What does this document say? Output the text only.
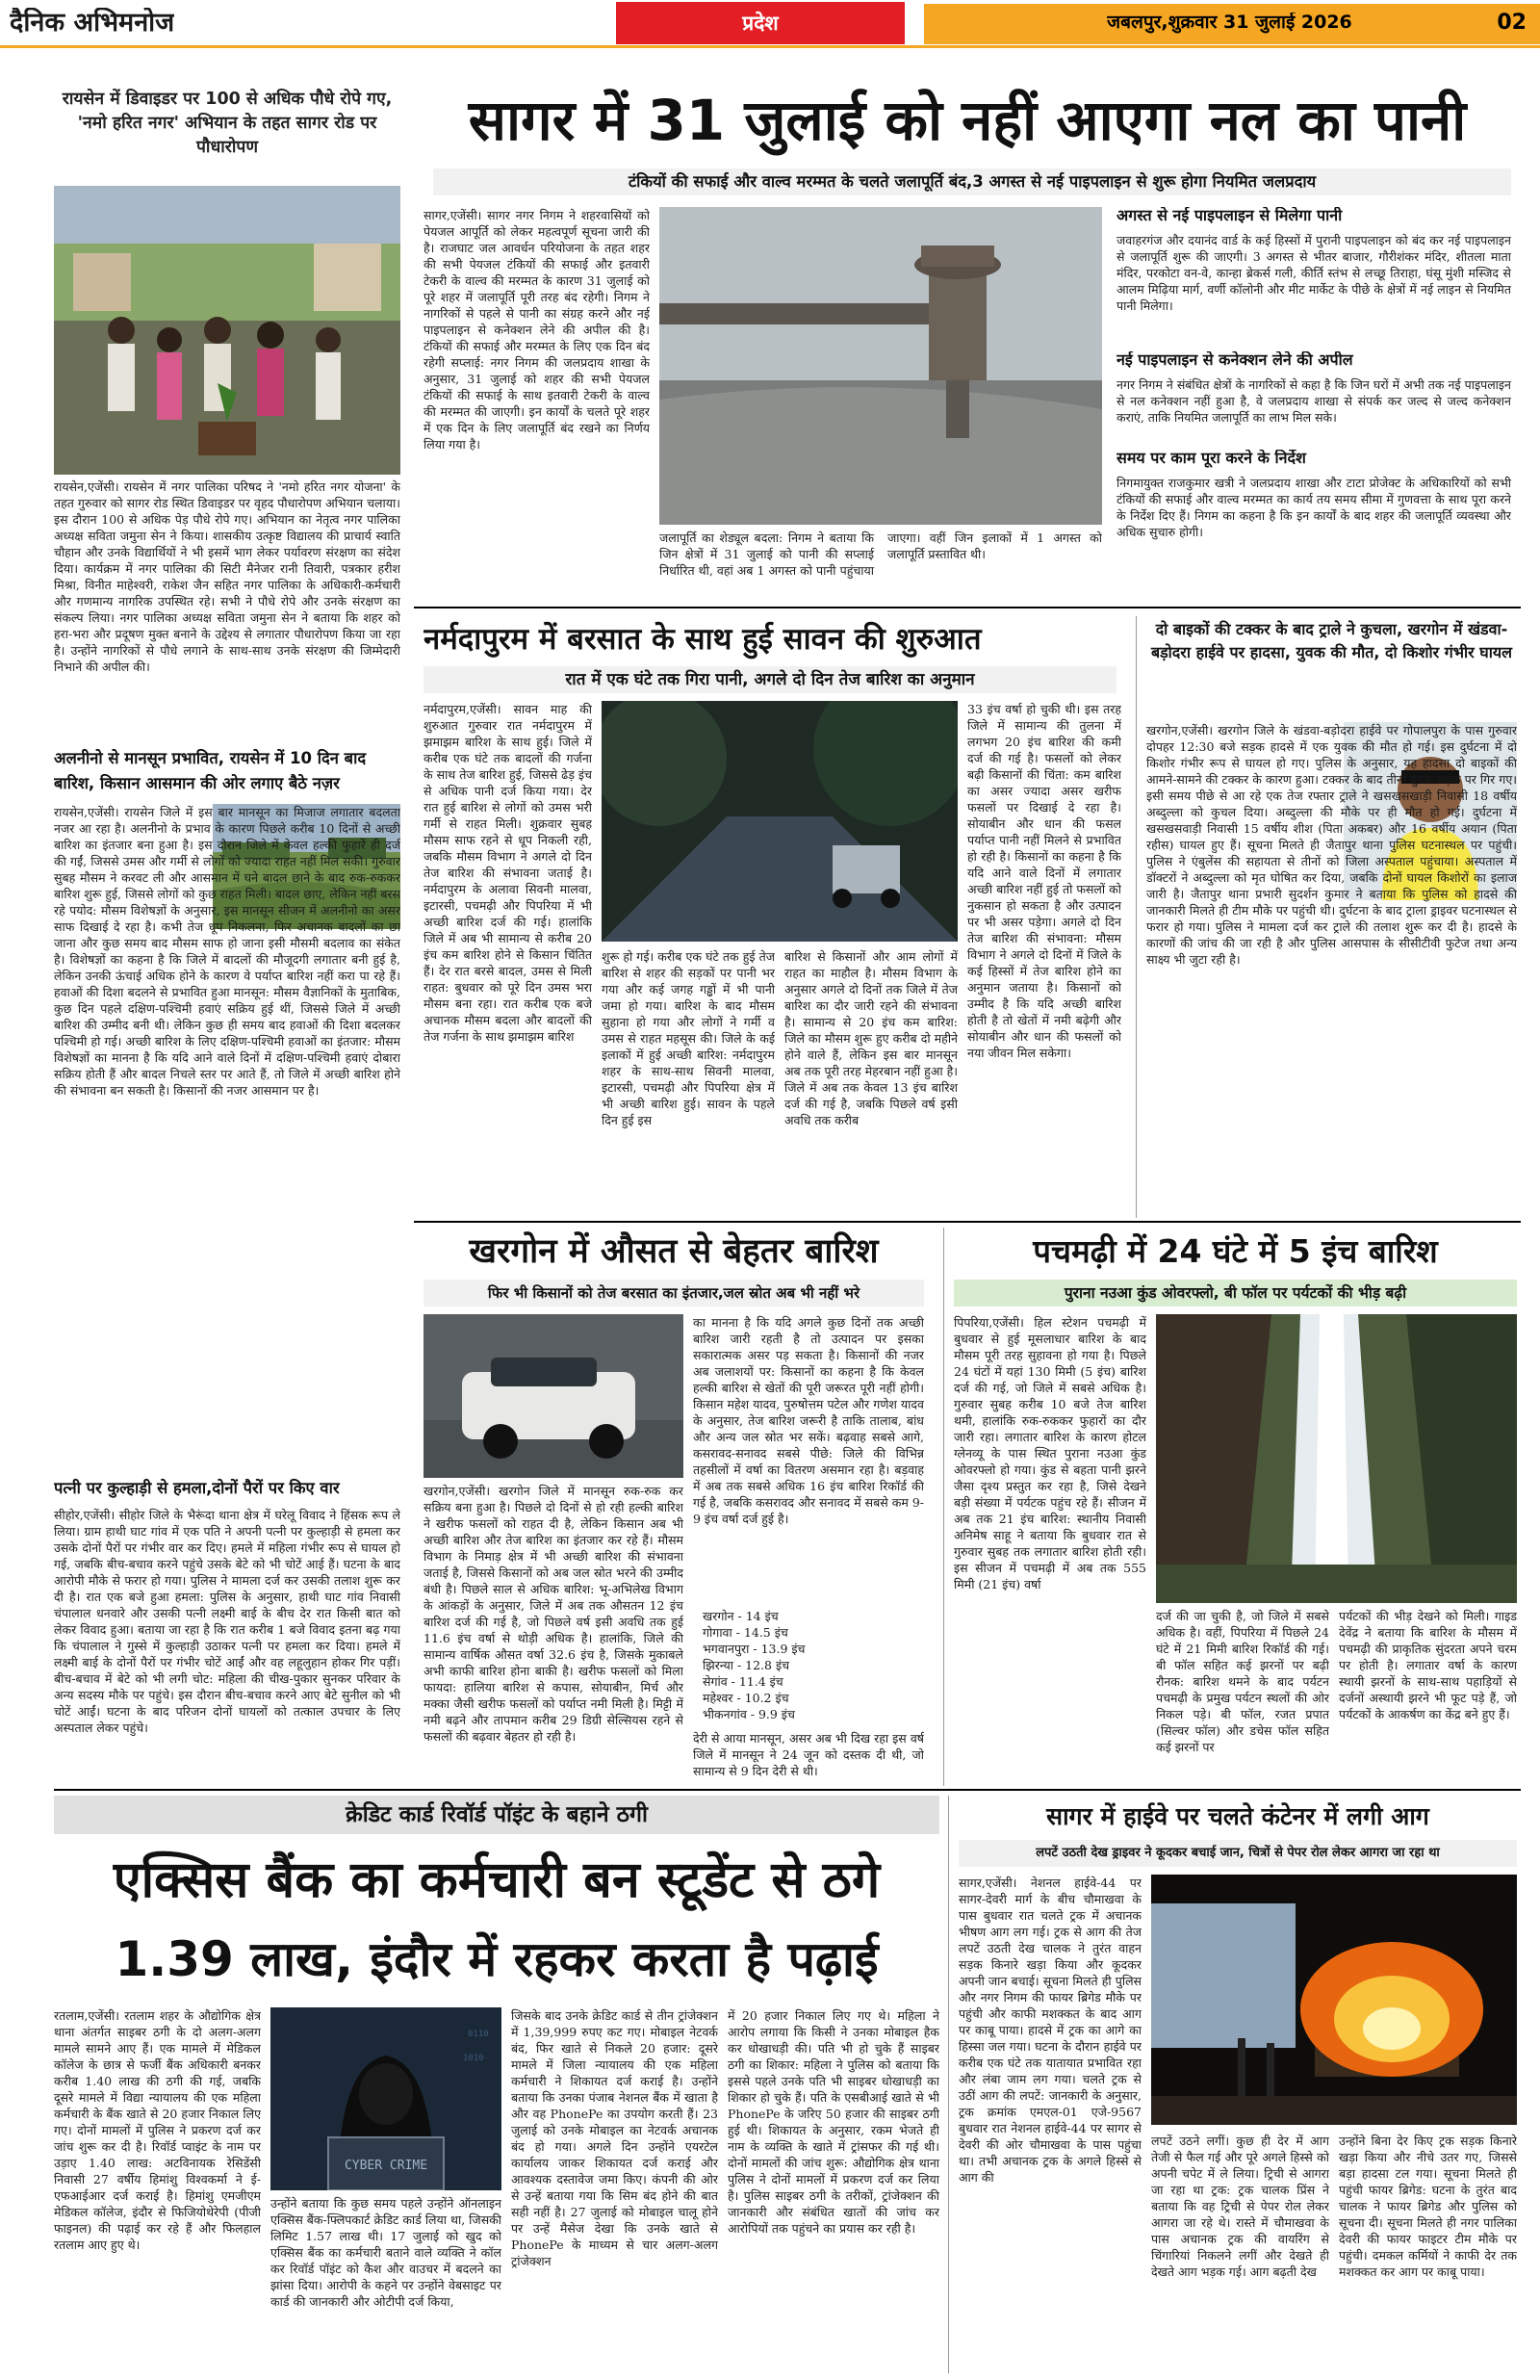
दैनिक अभिमनोज	प्रदेश	जबलपुर,शुक्रवार 31 जुलाई 2026	02
रायसेन में डिवाइडर पर 100 से अधिक पौधे रोपे गए, 'नमो हरित नगर' अभियान के तहत सागर रोड पर पौधारोपण
रायसेन,एजेंसी। रायसेन में नगर पालिका परिषद ने 'नमो हरित नगर योजना' के तहत गुरुवार को सागर रोड स्थित डिवाइडर पर वृहद पौधारोपण अभियान चलाया। इस दौरान 100 से अधिक पेड़ पौधे रोपे गए। अभियान का नेतृत्व नगर पालिका अध्यक्ष सविता जमुना सेन ने किया। शासकीय उत्कृष्ट विद्यालय की प्राचार्य स्वाति चौहान और उनके विद्यार्थियों ने भी इसमें भाग लेकर पर्यावरण संरक्षण का संदेश दिया। कार्यक्रम में नगर पालिका की सिटी मैनेजर रानी तिवारी, पत्रकार हरीश मिश्रा, विनीत माहेश्वरी, राकेश जैन सहित नगर पालिका के अधिकारी-कर्मचारी और गणमान्य नागरिक उपस्थित रहे। सभी ने पौधे रोपे और उनके संरक्षण का संकल्प लिया। नगर पालिका अध्यक्ष सविता जमुना सेन ने बताया कि शहर को हरा-भरा और प्रदूषण मुक्त बनाने के उद्देश्य से लगातार पौधारोपण किया जा रहा है। उन्होंने नागरिकों से पौधे लगाने के साथ-साथ उनके संरक्षण की जिम्मेदारी निभाने की अपील की।
अलनीनो से मानसून प्रभावित, रायसेन में 10 दिन बाद बारिश, किसान आसमान की ओर लगाए बैठे नज़र
रायसेन,एजेंसी। रायसेन जिले में इस बार मानसून का मिजाज लगातार बदलता नजर आ रहा है। अलनीनो के प्रभाव के कारण पिछले करीब 10 दिनों से अच्छी बारिश का इंतजार बना हुआ है। इस दौरान जिले में केवल हल्की फुहारें ही दर्ज की गईं, जिससे उमस और गर्मी से लोगों को ज्यादा राहत नहीं मिल सकी। गुरुवार सुबह मौसम ने करवट ली और आसमान में घने बादल छाने के बाद रुक-रुककर बारिश शुरू हुई, जिससे लोगों को कुछ राहत मिली। बादल छाए, लेकिन नहीं बरस रहे पयोद: मौसम विशेषज्ञों के अनुसार, इस मानसून सीजन में अलनीनो का असर साफ दिखाई दे रहा है। कभी तेज धूप निकलना, फिर अचानक बादलों का छा जाना और कुछ समय बाद मौसम साफ हो जाना इसी मौसमी बदलाव का संकेत है। विशेषज्ञों का कहना है कि जिले में बादलों की मौजूदगी लगातार बनी हुई है, लेकिन उनकी ऊंचाई अधिक होने के कारण वे पर्याप्त बारिश नहीं करा पा रहे हैं। हवाओं की दिशा बदलने से प्रभावित हुआ मानसून: मौसम वैज्ञानिकों के मुताबिक, कुछ दिन पहले दक्षिण-पश्चिमी हवाएं सक्रिय हुई थीं, जिससे जिले में अच्छी बारिश की उम्मीद बनी थी। लेकिन कुछ ही समय बाद हवाओं की दिशा बदलकर पश्चिमी हो गई। अच्छी बारिश के लिए दक्षिण-पश्चिमी हवाओं का इंतजार: मौसम विशेषज्ञों का मानना है कि यदि आने वाले दिनों में दक्षिण-पश्चिमी हवाएं दोबारा सक्रिय होती हैं और बादल निचले स्तर पर आते हैं, तो जिले में अच्छी बारिश होने की संभावना बन सकती है। किसानों की नजर आसमान पर है।
पत्नी पर कुल्हाड़ी से हमला,दोनों पैरों पर किए वार
सीहोर,एजेंसी। सीहोर जिले के भैरूंदा थाना क्षेत्र में घरेलू विवाद ने हिंसक रूप ले लिया। ग्राम हाथी घाट गांव में एक पति ने अपनी पत्नी पर कुल्हाड़ी से हमला कर उसके दोनों पैरों पर गंभीर वार कर दिए। हमले में महिला गंभीर रूप से घायल हो गई, जबकि बीच-बचाव करने पहुंचे उसके बेटे को भी चोटें आई हैं। घटना के बाद आरोपी मौके से फरार हो गया। पुलिस ने मामला दर्ज कर उसकी तलाश शुरू कर दी है। रात एक बजे हुआ हमला: पुलिस के अनुसार, हाथी घाट गांव निवासी चंपालाल धनवारे और उसकी पत्नी लक्ष्मी बाई के बीच देर रात किसी बात को लेकर विवाद हुआ। बताया जा रहा है कि रात करीब 1 बजे विवाद इतना बढ़ गया कि चंपालाल ने गुस्से में कुल्हाड़ी उठाकर पत्नी पर हमला कर दिया। हमले में लक्ष्मी बाई के दोनों पैरों पर गंभीर चोटें आईं और वह लहूलुहान होकर गिर पड़ीं। बीच-बचाव में बेटे को भी लगी चोट: महिला की चीख-पुकार सुनकर परिवार के अन्य सदस्य मौके पर पहुंचे। इस दौरान बीच-बचाव करने आए बेटे सुनील को भी चोटें आईं। घटना के बाद परिजन दोनों घायलों को तत्काल उपचार के लिए अस्पताल लेकर पहुंचे।
सागर में 31 जुलाई को नहीं आएगा नल का पानी
टंकियों की सफाई और वाल्व मरम्मत के चलते जलापूर्ति बंद,3 अगस्त से नई पाइपलाइन से शुरू होगा नियमित जलप्रदाय
सागर,एजेंसी। सागर नगर निगम ने शहरवासियों को पेयजल आपूर्ति को लेकर महत्वपूर्ण सूचना जारी की है। राजघाट जल आवर्धन परियोजना के तहत शहर की सभी पेयजल टंकियों की सफाई और इतवारी टेकरी के वाल्व की मरम्मत के कारण 31 जुलाई को पूरे शहर में जलापूर्ति पूरी तरह बंद रहेगी। निगम ने नागरिकों से पहले से पानी का संग्रह करने और नई पाइपलाइन से कनेक्शन लेने की अपील की है। टंकियों की सफाई और मरम्मत के लिए एक दिन बंद रहेगी सप्लाई: नगर निगम की जलप्रदाय शाखा के अनुसार, 31 जुलाई को शहर की सभी पेयजल टंकियों की सफाई के साथ इतवारी टेकरी के वाल्व की मरम्मत की जाएगी। इन कार्यों के चलते पूरे शहर में एक दिन के लिए जलापूर्ति बंद रखने का निर्णय लिया गया है।
जलापूर्ति का शेड्यूल बदला: निगम ने बताया कि जिन क्षेत्रों में 31 जुलाई को पानी की सप्लाई निर्धारित थी, वहां अब 1 अगस्त को पानी पहुंचाया जाएगा। वहीं जिन इलाकों में 1 अगस्त को जलापूर्ति प्रस्तावित थी।
अगस्त से नई पाइपलाइन से मिलेगा पानी
जवाहरगंज और दयानंद वार्ड के कई हिस्सों में पुरानी पाइपलाइन को बंद कर नई पाइपलाइन से जलापूर्ति शुरू की जाएगी। 3 अगस्त से भीतर बाजार, गौरीशंकर मंदिर, शीतला माता मंदिर, परकोटा वन-वे, कान्हा ब्रेकर्स गली, कीर्ति स्तंभ से लच्छू तिराहा, घंसू मुंशी मस्जिद से आलम मिढ़िया मार्ग, वर्णी कॉलोनी और मीट मार्केट के पीछे के क्षेत्रों में नई लाइन से नियमित पानी मिलेगा।
नई पाइपलाइन से कनेक्शन लेने की अपील
नगर निगम ने संबंधित क्षेत्रों के नागरिकों से कहा है कि जिन घरों में अभी तक नई पाइपलाइन से नल कनेक्शन नहीं हुआ है, वे जलप्रदाय शाखा से संपर्क कर जल्द से जल्द कनेक्शन कराएं, ताकि नियमित जलापूर्ति का लाभ मिल सके।
समय पर काम पूरा करने के निर्देश
निगमायुक्त राजकुमार खत्री ने जलप्रदाय शाखा और टाटा प्रोजेक्ट के अधिकारियों को सभी टंकियों की सफाई और वाल्व मरम्मत का कार्य तय समय सीमा में गुणवत्ता के साथ पूरा करने के निर्देश दिए हैं। निगम का कहना है कि इन कार्यों के बाद शहर की जलापूर्ति व्यवस्था और अधिक सुचारु होगी।
नर्मदापुरम में बरसात के साथ हुई सावन की शुरुआत
रात में एक घंटे तक गिरा पानी, अगले दो दिन तेज बारिश का अनुमान
नर्मदापुरम,एजेंसी। सावन माह की शुरुआत गुरुवार रात नर्मदापुरम में झमाझम बारिश के साथ हुई। जिले में करीब एक घंटे तक बादलों की गर्जना के साथ तेज बारिश हुई, जिससे ढेड़ इंच से अधिक पानी दर्ज किया गया। देर रात हुई बारिश से लोगों को उमस भरी गर्मी से राहत मिली। शुक्रवार सुबह मौसम साफ रहने से धूप निकली रही, जबकि मौसम विभाग ने अगले दो दिन तेज बारिश की संभावना जताई है। नर्मदापुरम के अलावा सिवनी मालवा, इटारसी, पचमढ़ी और पिपरिया में भी अच्छी बारिश दर्ज की गई। हालांकि जिले में अब भी सामान्य से करीब 20 इंच कम बारिश होने से किसान चिंतित हैं। देर रात बरसे बादल, उमस से मिली राहत: बुधवार को पूरे दिन उमस भरा मौसम बना रहा। रात करीब एक बजे अचानक मौसम बदला और बादलों की तेज गर्जना के साथ झमाझम बारिश
शुरू हो गई। करीब एक घंटे तक हुई तेज बारिश से शहर की सड़कों पर पानी भर गया और कई जगह गड्ढों में भी पानी जमा हो गया। बारिश के बाद मौसम सुहाना हो गया और लोगों ने गर्मी व उमस से राहत महसूस की। जिले के कई इलाकों में हुई अच्छी बारिश: नर्मदापुरम शहर के साथ-साथ सिवनी मालवा, इटारसी, पचमढ़ी और पिपरिया क्षेत्र में भी अच्छी बारिश हुई। सावन के पहले दिन हुई इस
बारिश से किसानों और आम लोगों में राहत का माहौल है। मौसम विभाग के अनुसार अगले दो दिनों तक जिले में तेज बारिश का दौर जारी रहने की संभावना है। सामान्य से 20 इंच कम बारिश: जिले का मौसम शुरू हुए करीब दो महीने होने वाले हैं, लेकिन इस बार मानसून अब तक पूरी तरह मेहरबान नहीं हुआ है। जिले में अब तक केवल 13 इंच बारिश दर्ज की गई है, जबकि पिछले वर्ष इसी अवधि तक करीब
33 इंच वर्षा हो चुकी थी। इस तरह जिले में सामान्य की तुलना में लगभग 20 इंच बारिश की कमी दर्ज की गई है। फसलों को लेकर बढ़ी किसानों की चिंता: कम बारिश का असर ज्यादा असर खरीफ फसलों पर दिखाई दे रहा है। सोयाबीन और धान की फसल पर्याप्त पानी नहीं मिलने से प्रभावित हो रही है। किसानों का कहना है कि यदि आने वाले दिनों में लगातार अच्छी बारिश नहीं हुई तो फसलों को नुकसान हो सकता है और उत्पादन पर भी असर पड़ेगा। अगले दो दिन तेज बारिश की संभावना: मौसम विभाग ने अगले दो दिनों में जिले के कई हिस्सों में तेज बारिश होने का अनुमान जताया है। किसानों को उम्मीद है कि यदि अच्छी बारिश होती है तो खेतों में नमी बढ़ेगी और सोयाबीन और धान की फसलों को नया जीवन मिल सकेगा।
दो बाइकों की टक्कर के बाद ट्राले ने कुचला, खरगोन में खंडवा-बड़ोदरा हाईवे पर हादसा, युवक की मौत, दो किशोर गंभीर घायल
खरगोन,एजेंसी। खरगोन जिले के खंडवा-बड़ोदरा हाईवे पर गोपालपुरा के पास गुरुवार दोपहर 12:30 बजे सड़क हादसे में एक युवक की मौत हो गई। इस दुर्घटना में दो किशोर गंभीर रूप से घायल हो गए। पुलिस के अनुसार, यह हादसा दो बाइकों की आमने-सामने की टक्कर के कारण हुआ। टक्कर के बाद तीनों युवक सड़क पर गिर गए। इसी समय पीछे से आ रहे एक तेज रफ्तार ट्राले ने खसखसखाड़ी निवासी 18 वर्षीय अब्दुल्ला को कुचल दिया। अब्दुल्ला की मौके पर ही मौत हो गई। दुर्घटना में खसखसवाड़ी निवासी 15 वर्षीय शीश (पिता अकबर) और 16 वर्षीय अयान (पिता रहीस) घायल हुए हैं। सूचना मिलते ही जैतापुर थाना पुलिस घटनास्थल पर पहुंची। पुलिस ने एंबुलेंस की सहायता से तीनों को जिला अस्पताल पहुंचाया। अस्पताल में डॉक्टरों ने अब्दुल्ला को मृत घोषित कर दिया, जबकि दोनों घायल किशोरों का इलाज जारी है। जैतापुर थाना प्रभारी सुदर्शन कुमार ने बताया कि पुलिस को हादसे की जानकारी मिलते ही टीम मौके पर पहुंची थी। दुर्घटना के बाद ट्राला ड्राइवर घटनास्थल से फरार हो गया। पुलिस ने मामला दर्ज कर ट्राले की तलाश शुरू कर दी है। हादसे के कारणों की जांच की जा रही है और पुलिस आसपास के सीसीटीवी फुटेज तथा अन्य साक्ष्य भी जुटा रही है।
खरगोन में औसत से बेहतर बारिश
फिर भी किसानों को तेज बरसात का इंतजार,जल स्रोत अब भी नहीं भरे
खरगोन,एजेंसी। खरगोन जिले में मानसून रुक-रुक कर सक्रिय बना हुआ है। पिछले दो दिनों से हो रही हल्की बारिश ने खरीफ फसलों को राहत दी है, लेकिन किसान अब भी अच्छी बारिश और तेज बारिश का इंतजार कर रहे हैं। मौसम विभाग के निमाड़ क्षेत्र में भी अच्छी बारिश की संभावना जताई है, जिससे किसानों को अब जल स्रोत भरने की उम्मीद बंधी है। पिछले साल से अधिक बारिश: भू-अभिलेख विभाग के आंकड़ों के अनुसार, जिले में अब तक औसतन 12 इंच बारिश दर्ज की गई है, जो पिछले वर्ष इसी अवधि तक हुई 11.6 इंच वर्षा से थोड़ी अधिक है। हालांकि, जिले की सामान्य वार्षिक औसत वर्षा 32.6 इंच है, जिसके मुकाबले अभी काफी बारिश होना बाकी है। खरीफ फसलों को मिला फायदा: हालिया बारिश से कपास, सोयाबीन, मिर्च और मक्का जैसी खरीफ फसलों को पर्याप्त नमी मिली है। मिट्टी में नमी बढ़ने और तापमान करीब 29 डिग्री सेल्सियस रहने से फसलों की बढ़वार बेहतर हो रही है।
का मानना है कि यदि अगले कुछ दिनों तक अच्छी बारिश जारी रहती है तो उत्पादन पर इसका सकारात्मक असर पड़ सकता है। किसानों की नजर अब जलाशयों पर: किसानों का कहना है कि केवल हल्की बारिश से खेतों की पूरी जरूरत पूरी नहीं होगी। किसान महेश यादव, पुरुषोत्तम पटेल और गणेश यादव के अनुसार, तेज बारिश जरूरी है ताकि तालाब, बांध और अन्य जल स्रोत भर सकें। बढ़वाह सबसे आगे, कसरावद-सनावद सबसे पीछे: जिले की विभिन्न तहसीलों में वर्षा का वितरण असमान रहा है। बड़वाह में अब तक सबसे अधिक 16 इंच बारिश रिकॉर्ड की गई है, जबकि कसरावद और सनावद में सबसे कम 9-9 इंच वर्षा दर्ज हुई है।
खरगोन - 14 इंच
गोगावा - 14.5 इंच
भगवानपुरा - 13.9 इंच
झिरन्या - 12.8 इंच
सेगांव - 11.4 इंच
महेश्वर - 10.2 इंच
भीकनगांव - 9.9 इंच
देरी से आया मानसून, असर अब भी दिख रहा इस वर्ष जिले में मानसून ने 24 जून को दस्तक दी थी, जो सामान्य से 9 दिन देरी से थी।
पचमढ़ी में 24 घंटे में 5 इंच बारिश
पुराना नउआ कुंड ओवरफ्लो, बी फॉल पर पर्यटकों की भीड़ बढ़ी
पिपरिया,एजेंसी। हिल स्टेशन पचमढ़ी में बुधवार से हुई मूसलाधार बारिश के बाद मौसम पूरी तरह सुहावना हो गया है। पिछले 24 घंटों में यहां 130 मिमी (5 इंच) बारिश दर्ज की गई, जो जिले में सबसे अधिक है। गुरुवार सुबह करीब 10 बजे तेज बारिश थमी, हालांकि रुक-रुककर फुहारों का दौर जारी रहा। लगातार बारिश के कारण होटल ग्लेनव्यू के पास स्थित पुराना नउआ कुंड ओवरफ्लो हो गया। कुंड से बहता पानी झरने जैसा दृश्य प्रस्तुत कर रहा है, जिसे देखने बड़ी संख्या में पर्यटक पहुंच रहे हैं। सीजन में अब तक 21 इंच बारिश: स्थानीय निवासी अनिमेष साहू ने बताया कि बुधवार रात से गुरुवार सुबह तक लगातार बारिश होती रही। इस सीजन में पचमढ़ी में अब तक 555 मिमी (21 इंच) वर्षा
दर्ज की जा चुकी है, जो जिले में सबसे अधिक है। वहीं, पिपरिया में पिछले 24 घंटे में 21 मिमी बारिश रिकॉर्ड की गई। बी फॉल सहित कई झरनों पर बढ़ी रौनक: बारिश थमने के बाद पर्यटन पचमढ़ी के प्रमुख पर्यटन स्थलों की ओर निकल पड़े। बी फॉल, रजत प्रपात (सिल्वर फॉल) और डचेस फॉल सहित कई झरनों पर
पर्यटकों की भीड़ देखने को मिली। गाइड देवेंद्र ने बताया कि बारिश के मौसम में पचमढ़ी की प्राकृतिक सुंदरता अपने चरम पर होती है। लगातार वर्षा के कारण स्थायी झरनों के साथ-साथ पहाड़ियों से दर्जनों अस्थायी झरने भी फूट पड़े हैं, जो पर्यटकों के आकर्षण का केंद्र बने हुए हैं।
क्रेडिट कार्ड रिवॉर्ड पॉइंट के बहाने ठगी
एक्सिस बैंक का कर्मचारी बन स्टूडेंट से ठगे
1.39 लाख, इंदौर में रहकर करता है पढ़ाई
रतलाम,एजेंसी। रतलाम शहर के औद्योगिक क्षेत्र थाना अंतर्गत साइबर ठगी के दो अलग-अलग मामले सामने आए हैं। एक मामले में मेडिकल कॉलेज के छात्र से फर्जी बैंक अधिकारी बनकर करीब 1.40 लाख की ठगी की गई, जबकि दूसरे मामले में विद्या न्यायालय की एक महिला कर्मचारी के बैंक खाते से 20 हजार निकाल लिए गए। दोनों मामलों में पुलिस ने प्रकरण दर्ज कर जांच शुरू कर दी है। रिवॉर्ड प्वाइंट के नाम पर उड़ाए 1.40 लाख: अटविनायक रेसिडेंसी निवासी 27 वर्षीय हिमांशु विश्वकर्मा ने ई-एफआईआर दर्ज कराई है। हिमांशु एमजीएम मेडिकल कॉलेज, इंदौर से फिजियोथेरेपी (पीजी फाइनल) की पढ़ाई कर रहे हैं और फिलहाल रतलाम आए हुए थे।
CYBER CRIME
0110
1010
उन्होंने बताया कि कुछ समय पहले उन्होंने ऑनलाइन एक्सिस बैंक-फ्लिपकार्ट क्रेडिट कार्ड लिया था, जिसकी लिमिट 1.57 लाख थी। 17 जुलाई को खुद को एक्सिस बैंक का कर्मचारी बताने वाले व्यक्ति ने कॉल कर रिवॉर्ड पॉइंट को कैश और वाउचर में बदलने का झांसा दिया। आरोपी के कहने पर उन्होंने वेबसाइट पर कार्ड की जानकारी और ओटीपी दर्ज किया,
जिसके बाद उनके क्रेडिट कार्ड से तीन ट्रांजेक्शन में 1,39,999 रुपए कट गए। मोबाइल नेटवर्क बंद, फिर खाते से निकले 20 हजार: दूसरे मामले में जिला न्यायालय की एक महिला कर्मचारी ने शिकायत दर्ज कराई है। उन्होंने बताया कि उनका पंजाब नेशनल बैंक में खाता है और वह PhonePe का उपयोग करती हैं। 23 जुलाई को उनके मोबाइल का नेटवर्क अचानक बंद हो गया। अगले दिन उन्होंने एयरटेल कार्यालय जाकर शिकायत दर्ज कराई और आवश्यक दस्तावेज जमा किए। कंपनी की ओर से उन्हें बताया गया कि सिम बंद होने की बात सही नहीं है। 27 जुलाई को मोबाइल चालू होने पर उन्हें मैसेज देखा कि उनके खाते से PhonePe के माध्यम से चार अलग-अलग ट्रांजेक्शन
में 20 हजार निकाल लिए गए थे। महिला ने आरोप लगाया कि किसी ने उनका मोबाइल हैक कर धोखाधड़ी की। पति भी हो चुके हैं साइबर ठगी का शिकार: महिला ने पुलिस को बताया कि इससे पहले उनके पति भी साइबर धोखाधड़ी का शिकार हो चुके हैं। पति के एसबीआई खाते से भी PhonePe के जरिए 50 हजार की साइबर ठगी हुई थी। शिकायत के अनुसार, रकम भेजते ही नाम के व्यक्ति के खाते में ट्रांसफर की गई थी। दोनों मामलों की जांच शुरू: औद्योगिक क्षेत्र थाना पुलिस ने दोनों मामलों में प्रकरण दर्ज कर लिया है। पुलिस साइबर ठगी के तरीकों, ट्रांजेक्शन की जानकारी और संबंधित खातों की जांच कर आरोपियों तक पहुंचने का प्रयास कर रही है।
सागर में हाईवे पर चलते कंटेनर में लगी आग
लपटें उठती देख ड्राइवर ने कूदकर बचाई जान, चित्रों से पेपर रोल लेकर आगरा जा रहा था
सागर,एजेंसी। नेशनल हाईवे-44 पर सागर-देवरी मार्ग के बीच चौमाखवा के पास बुधवार रात चलते ट्रक में अचानक भीषण आग लग गई। ट्रक से आग की तेज लपटें उठती देख चालक ने तुरंत वाहन सड़क किनारे खड़ा किया और कूदकर अपनी जान बचाई। सूचना मिलते ही पुलिस और नगर निगम की फायर ब्रिगेड मौके पर पहुंची और काफी मशक्कत के बाद आग पर काबू पाया। हादसे में ट्रक का आगे का हिस्सा जल गया। घटना के दौरान हाईवे पर करीब एक घंटे तक यातायात प्रभावित रहा और लंबा जाम लग गया। चलते ट्रक से उठीं आग की लपटें: जानकारी के अनुसार, ट्रक क्रमांक एमएल-01 एजे-9567 बुधवार रात नेशनल हाईवे-44 पर सागर से देवरी की ओर चौमाखवा के पास पहुंचा था। तभी अचानक ट्रक के अगले हिस्से से आग की
लपटें उठने लगीं। कुछ ही देर में आग तेजी से फैल गई और पूरे अगले हिस्से को अपनी चपेट में ले लिया। ट्रिची से आगरा जा रहा था ट्रक: ट्रक चालक प्रिंस ने बताया कि वह ट्रिची से पेपर रोल लेकर आगरा जा रहे थे। रास्ते में चौमाखवा के पास अचानक ट्रक की वायरिंग से चिंगारियां निकलने लगीं और देखते ही देखते आग भड़क गई। आग बढ़ती देख
उन्होंने बिना देर किए ट्रक सड़क किनारे खड़ा किया और नीचे उतर गए, जिससे बड़ा हादसा टल गया। सूचना मिलते ही पहुंची फायर ब्रिगेड: घटना के तुरंत बाद चालक ने फायर ब्रिगेड और पुलिस को सूचना दी। सूचना मिलते ही नगर पालिका देवरी की फायर फाइटर टीम मौके पर पहुंची। दमकल कर्मियों ने काफी देर तक मशक्कत कर आग पर काबू पाया।
